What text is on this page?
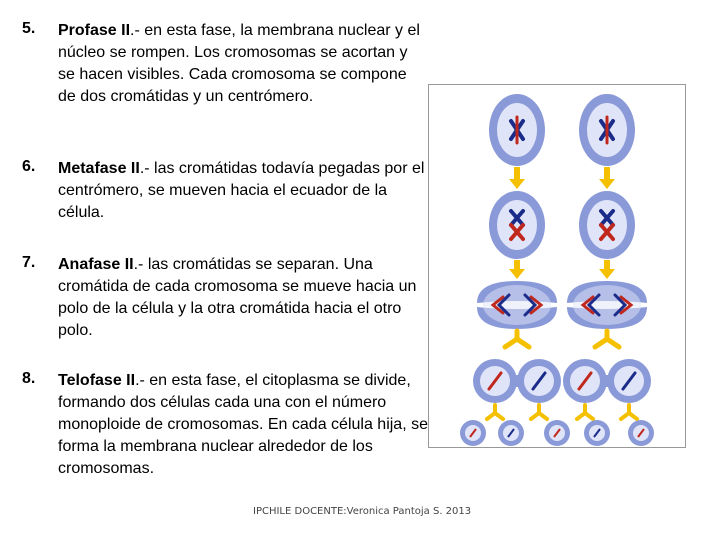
5. Profase II.- en esta fase, la membrana nuclear y el núcleo se rompen. Los cromosomas se acortan y se hacen visibles. Cada cromosoma se compone de dos cromátidas y un centrómero.
6. Metafase II.- las cromátidas todavía pegadas por el centrómero, se mueven hacia el ecuador de la célula.
7. Anafase II.- las cromátidas se separan. Una cromátida de cada cromosoma se mueve hacia un polo de la célula y la otra cromátida hacia el otro polo.
8. Telofase II.- en esta fase, el citoplasma se divide, formando dos células cada una con el número monoploide de cromosomas. En cada célula hija, se forma la membrana nuclear alrededor de los cromosomas.
IPCHILE DOCENTE:Veronica Pantoja S. 2013
